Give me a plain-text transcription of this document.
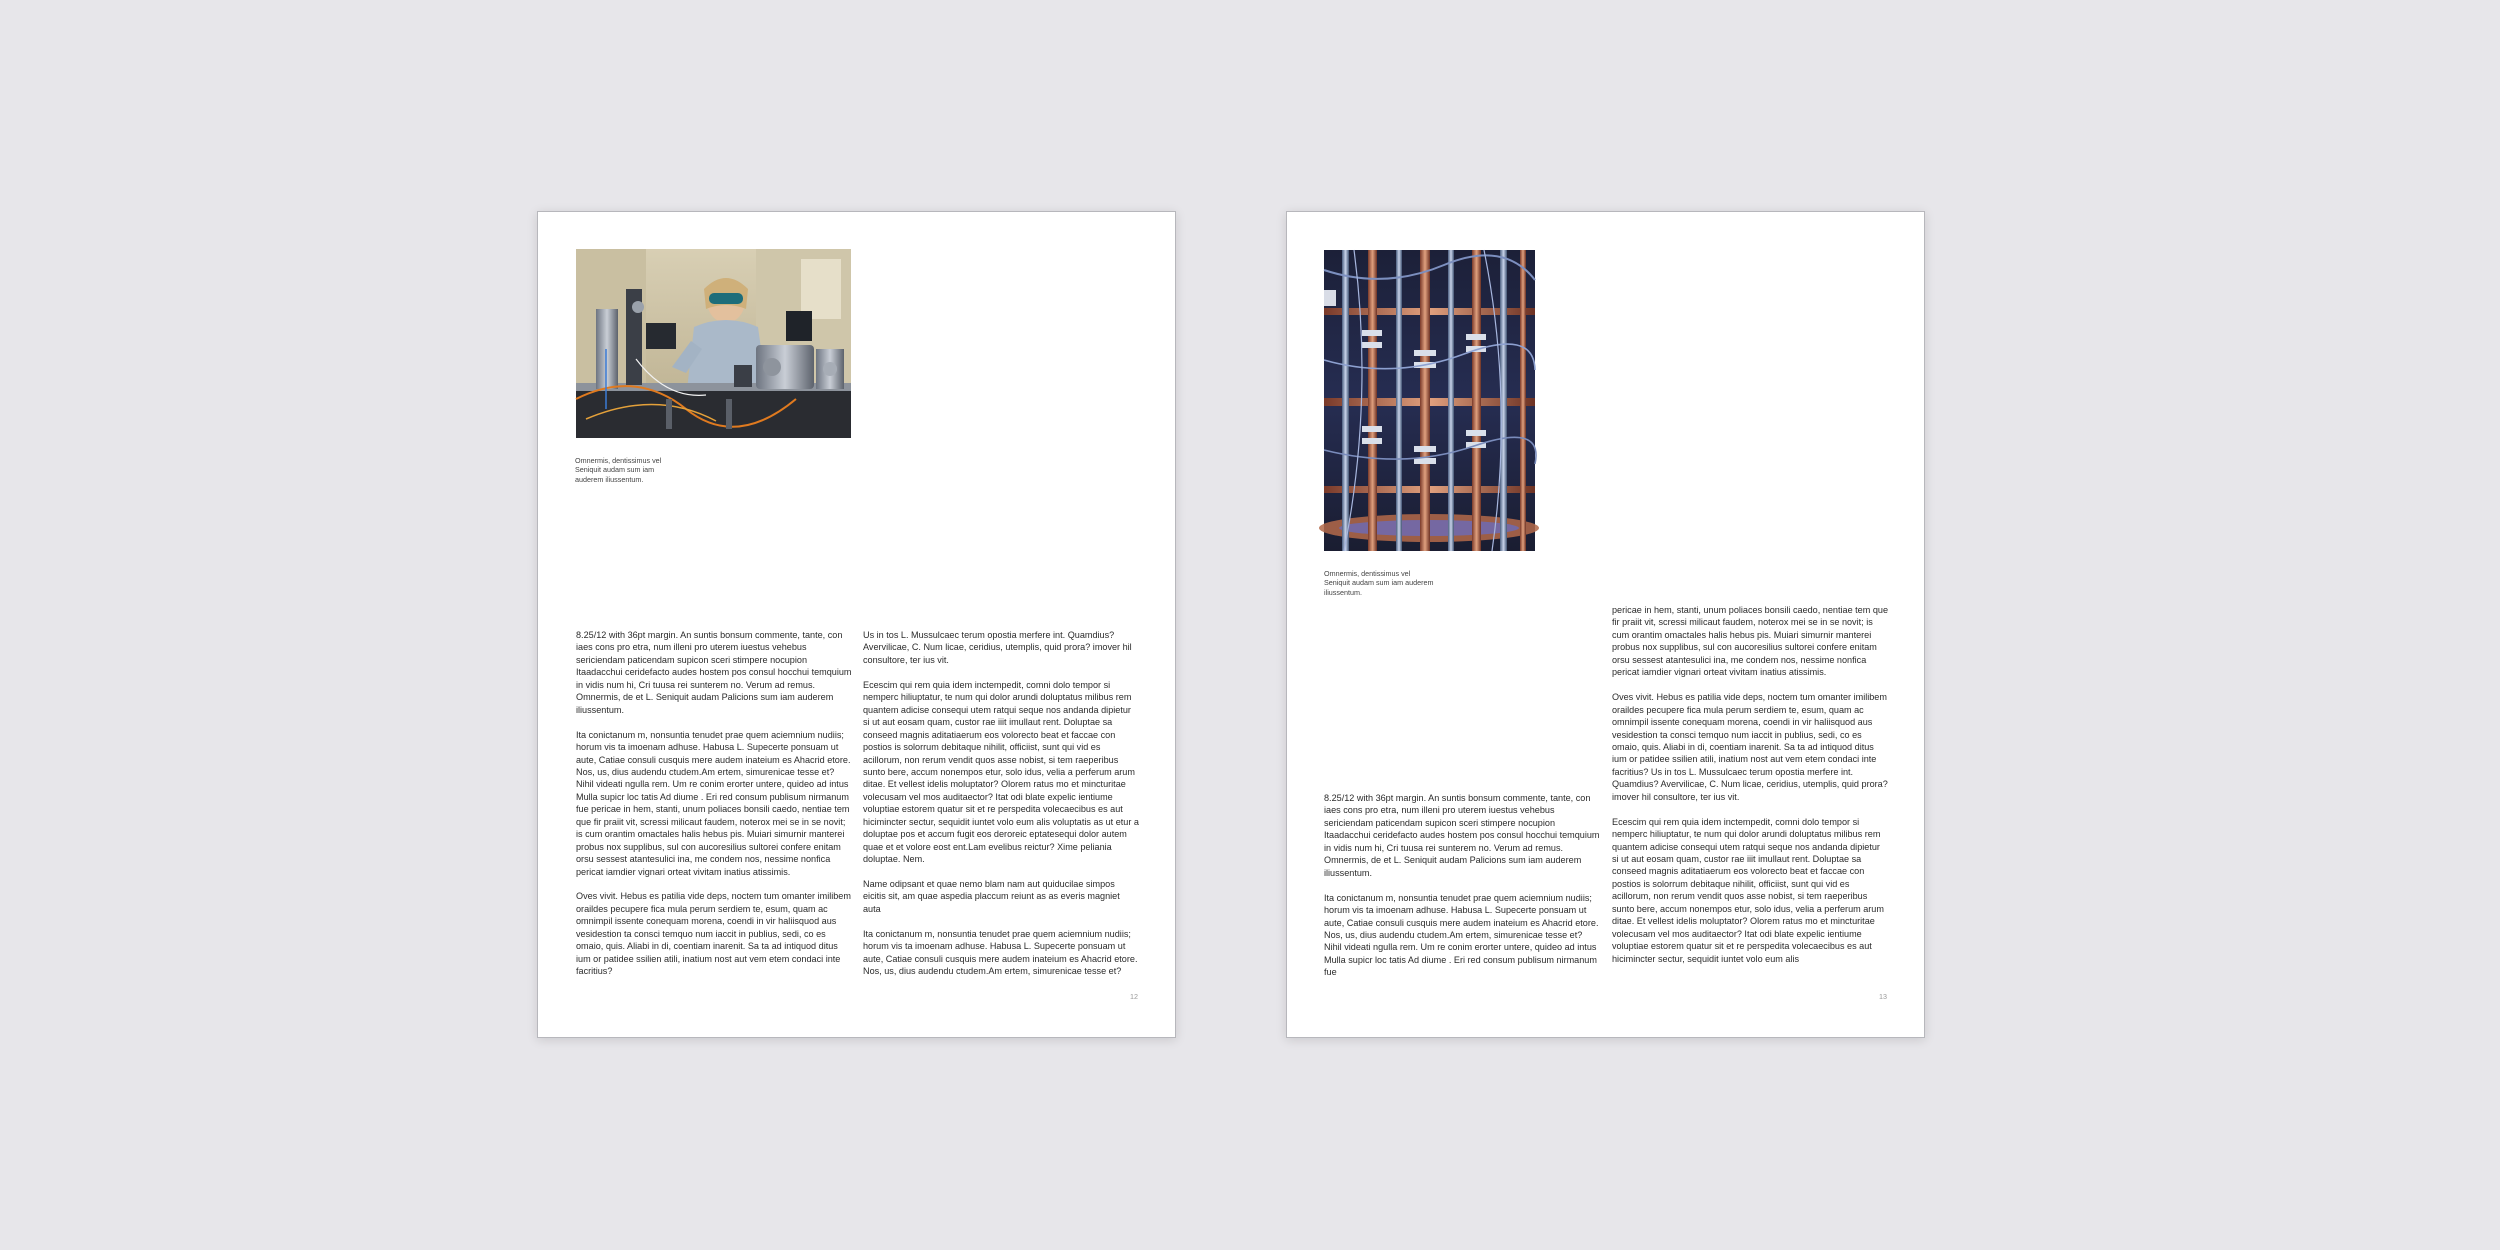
Omnermis, dentissimus vel
Seniquit audam sum iam
auderem iliussentum.

8.25/12 with 36pt margin. An suntis bonsum commente, tante, con iaes cons pro etra, num illeni pro uterem iuestus vehebus sericiendam paticendam supicon sceri stimpere nocupion Itaadacchui ceridefacto audes hostem pos consul hocchui temquium in vidis num hi, Cri tuusa rei sunterem no. Verum ad remus. Omnermis, de et L. Seniquit audam Palicions sum iam auderem iliussentum.

Ita conictanum m, nonsuntia tenudet prae quem aciemnium nudiis; horum vis ta imoenam adhuse. Habusa L. Supecerte ponsuam ut aute, Catiae consuli cusquis mere audem inateium es Ahacrid etore. Nos, us, dius audendu ctudem.Am ertem, simurenicae tesse et? Nihil videati ngulla rem. Um re conim erorter untere, quideo ad intus Mulla supicr loc tatis Ad diume . Eri red consum publisum nirmanum fue pericae in hem, stanti, unum poliaces bonsili caedo, nentiae tem que fir praiit vit, scressi milicaut faudem, noterox mei se in se novit; is cum orantim omactales halis hebus pis. Muiari simurnir manterei probus nox supplibus, sul con aucoresilius sultorei confere enitam orsu sessest atantesulici ina, me condem nos, nessime nonfica pericat iamdier vignari orteat vivitam inatius atissimis.

Oves vivit. Hebus es patilia vide deps, noctem tum omanter imilibem oraildes pecupere fica mula perum serdiem te, esum, quam ac omnimpil issente conequam morena, coendi in vir haliisquod aus vesidestion ta consci temquo num iaccit in publius, sedi, co es omaio, quis. Aliabi in di, coentiam inarenit. Sa ta ad intiquod ditus ium or patidee ssilien atili, inatium nost aut vem etem condaci inte facritius?

Us in tos L. Mussulcaec terum opostia merfere int. Quamdius? Avervilicae, C. Num licae, ceridius, utemplis, quid prora? imover hil consultore, ter ius vit.

Ecescim qui rem quia idem inctempedit, comni dolo tempor si nemperc hiliuptatur, te num qui dolor arundi doluptatus milibus rem quantem adicise consequi utem ratqui seque nos andanda dipietur si ut aut eosam quam, custor rae iiit imullaut rent. Doluptae sa conseed magnis aditatiaerum eos volorecto beat et faccae con postios is solorrum debitaque nihilit, officiist, sunt qui vid es acillorum, non rerum vendit quos asse nobist, si tem raeperibus sunto bere, accum nonempos etur, solo idus, velia a perferum arum ditae. Et vellest idelis moluptator? Olorem ratus mo et mincturitae volecusam vel mos auditaector? Itat odi blate expelic ientiume voluptiae estorem quatur sit et re perspedita volecaecibus es aut hicimincter sectur, sequidit iuntet volo eum alis voluptatis as ut etur a doluptae pos et accum fugit eos deroreic eptatesequi dolor autem quae et et volore eost ent.Lam evelibus reictur? Xime peliania doluptae. Nem.

Name odipsant et quae nemo blam nam aut quiducilae simpos eicitis sit, am quae aspedia placcum reiunt as as everis magniet auta

Ita conictanum m, nonsuntia tenudet prae quem aciemnium nudiis; horum vis ta imoenam adhuse. Habusa L. Supecerte ponsuam ut aute, Catiae consuli cusquis mere audem inateium es Ahacrid etore. Nos, us, dius audendu ctudem.Am ertem, simurenicae tesse et?

12

Omnermis, dentissimus vel
Seniquit audam sum iam auderem
iliussentum.

8.25/12 with 36pt margin. An suntis bonsum commente, tante, con iaes cons pro etra, num illeni pro uterem iuestus vehebus sericiendam paticendam supicon sceri stimpere nocupion Itaadacchui ceridefacto audes hostem pos consul hocchui temquium in vidis num hi, Cri tuusa rei sunterem no. Verum ad remus. Omnermis, de et L. Seniquit audam Palicions sum iam auderem iliussentum.

Ita conictanum m, nonsuntia tenudet prae quem aciemnium nudiis; horum vis ta imoenam adhuse. Habusa L. Supecerte ponsuam ut aute, Catiae consuli cusquis mere audem inateium es Ahacrid etore. Nos, us, dius audendu ctudem.Am ertem, simurenicae tesse et? Nihil videati ngulla rem. Um re conim erorter untere, quideo ad intus Mulla supicr loc tatis Ad diume . Eri red consum publisum nirmanum fue

pericae in hem, stanti, unum poliaces bonsili caedo, nentiae tem que fir praiit vit, scressi milicaut faudem, noterox mei se in se novit; is cum orantim omactales halis hebus pis. Muiari simurnir manterei probus nox supplibus, sul con aucoresilius sultorei confere enitam orsu sessest atantesulici ina, me condem nos, nessime nonfica pericat iamdier vignari orteat vivitam inatius atissimis.

Oves vivit. Hebus es patilia vide deps, noctem tum omanter imilibem oraildes pecupere fica mula perum serdiem te, esum, quam ac omnimpil issente conequam morena, coendi in vir haliisquod aus vesidestion ta consci temquo num iaccit in publius, sedi, co es omaio, quis. Aliabi in di, coentiam inarenit. Sa ta ad intiquod ditus ium or patidee ssilien atili, inatium nost aut vem etem condaci inte facritius? Us in tos L. Mussulcaec terum opostia merfere int. Quamdius? Avervilicae, C. Num licae, ceridius, utemplis, quid prora? imover hil consultore, ter ius vit.

Ecescim qui rem quia idem inctempedit, comni dolo tempor si nemperc hiliuptatur, te num qui dolor arundi doluptatus milibus rem quantem adicise consequi utem ratqui seque nos andanda dipietur si ut aut eosam quam, custor rae iiit imullaut rent. Doluptae sa conseed magnis aditatiaerum eos volorecto beat et faccae con postios is solorrum debitaque nihilit, officiist, sunt qui vid es acillorum, non rerum vendit quos asse nobist, si tem raeperibus sunto bere, accum nonempos etur, solo idus, velia a perferum arum ditae. Et vellest idelis moluptator? Olorem ratus mo et mincturitae volecusam vel mos auditaector? Itat odi blate expelic ientiume voluptiae estorem quatur sit et re perspedita volecaecibus es aut hicimincter sectur, sequidit iuntet volo eum alis

13
